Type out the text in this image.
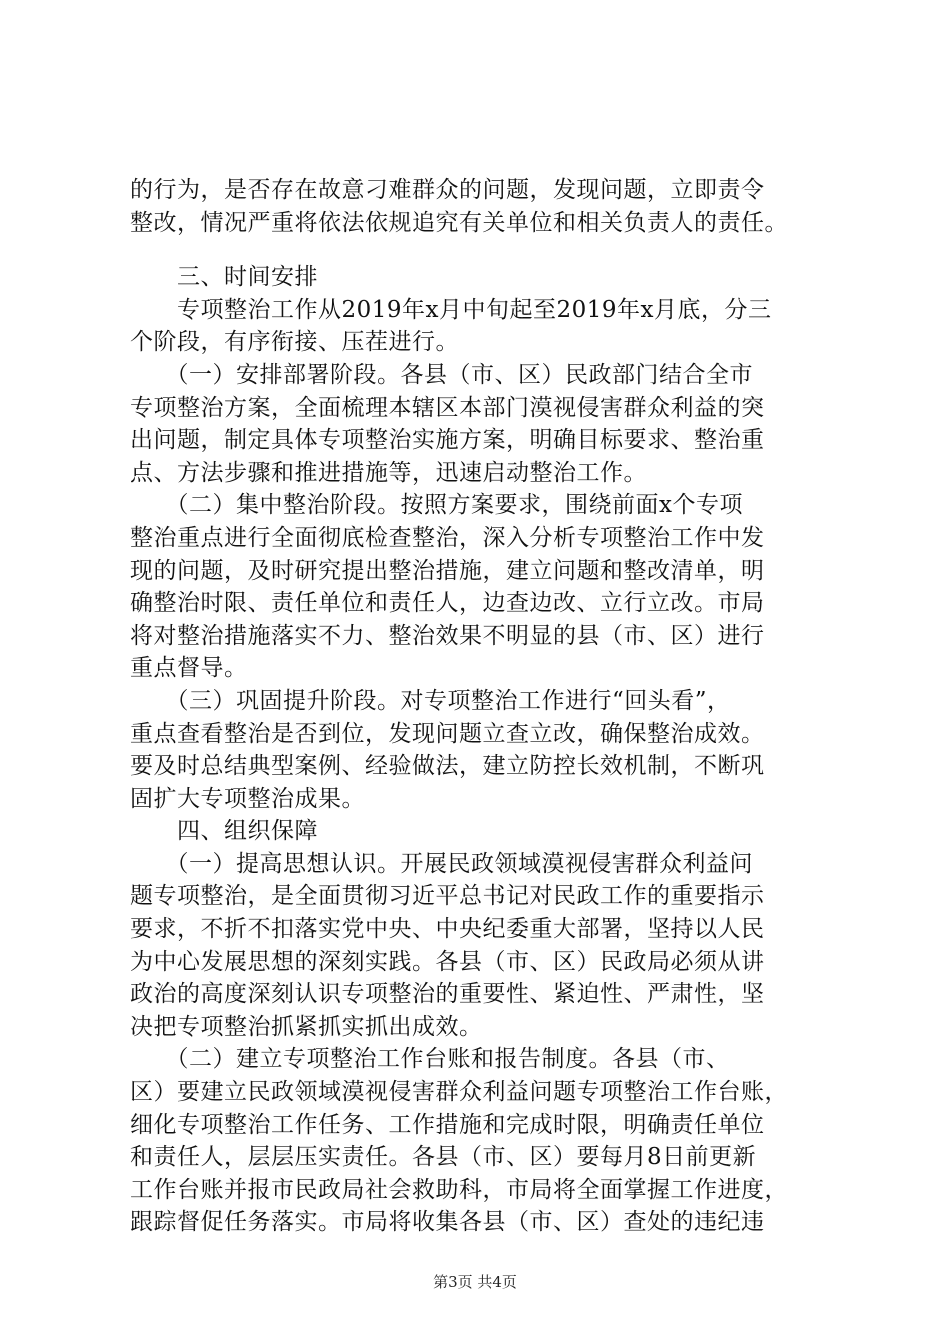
的行为，是否存在故意刁难群众的问题，发现问题，立即责令
整改，情况严重将依法依规追究有关单位和相关负责人的责任。
　　三、时间安排
　　专项整治工作从2019年x月中旬起至2019年x月底，分三
个阶段，有序衔接、压茬进行。
　　（一）安排部署阶段。各县（市、区）民政部门结合全市
专项整治方案，全面梳理本辖区本部门漠视侵害群众利益的突
出问题，制定具体专项整治实施方案，明确目标要求、整治重
点、方法步骤和推进措施等，迅速启动整治工作。
　　（二）集中整治阶段。按照方案要求，围绕前面x个专项
整治重点进行全面彻底检查整治，深入分析专项整治工作中发
现的问题，及时研究提出整治措施，建立问题和整改清单，明
确整治时限、责任单位和责任人，边查边改、立行立改。市局
将对整治措施落实不力、整治效果不明显的县（市、区）进行
重点督导。
　　（三）巩固提升阶段。对专项整治工作进行“回头看”，
重点查看整治是否到位，发现问题立查立改，确保整治成效。
要及时总结典型案例、经验做法，建立防控长效机制，不断巩
固扩大专项整治成果。
　　四、组织保障
　　（一）提高思想认识。开展民政领域漠视侵害群众利益问
题专项整治，是全面贯彻习近平总书记对民政工作的重要指示
要求，不折不扣落实党中央、中央纪委重大部署，坚持以人民
为中心发展思想的深刻实践。各县（市、区）民政局必须从讲
政治的高度深刻认识专项整治的重要性、紧迫性、严肃性，坚
决把专项整治抓紧抓实抓出成效。
　　（二）建立专项整治工作台账和报告制度。各县（市、
区）要建立民政领域漠视侵害群众利益问题专项整治工作台账，
细化专项整治工作任务、工作措施和完成时限，明确责任单位
和责任人，层层压实责任。各县（市、区）要每月8日前更新
工作台账并报市民政局社会救助科，市局将全面掌握工作进度，
跟踪督促任务落实。市局将收集各县（市、区）查处的违纪违
第3页 共4页
